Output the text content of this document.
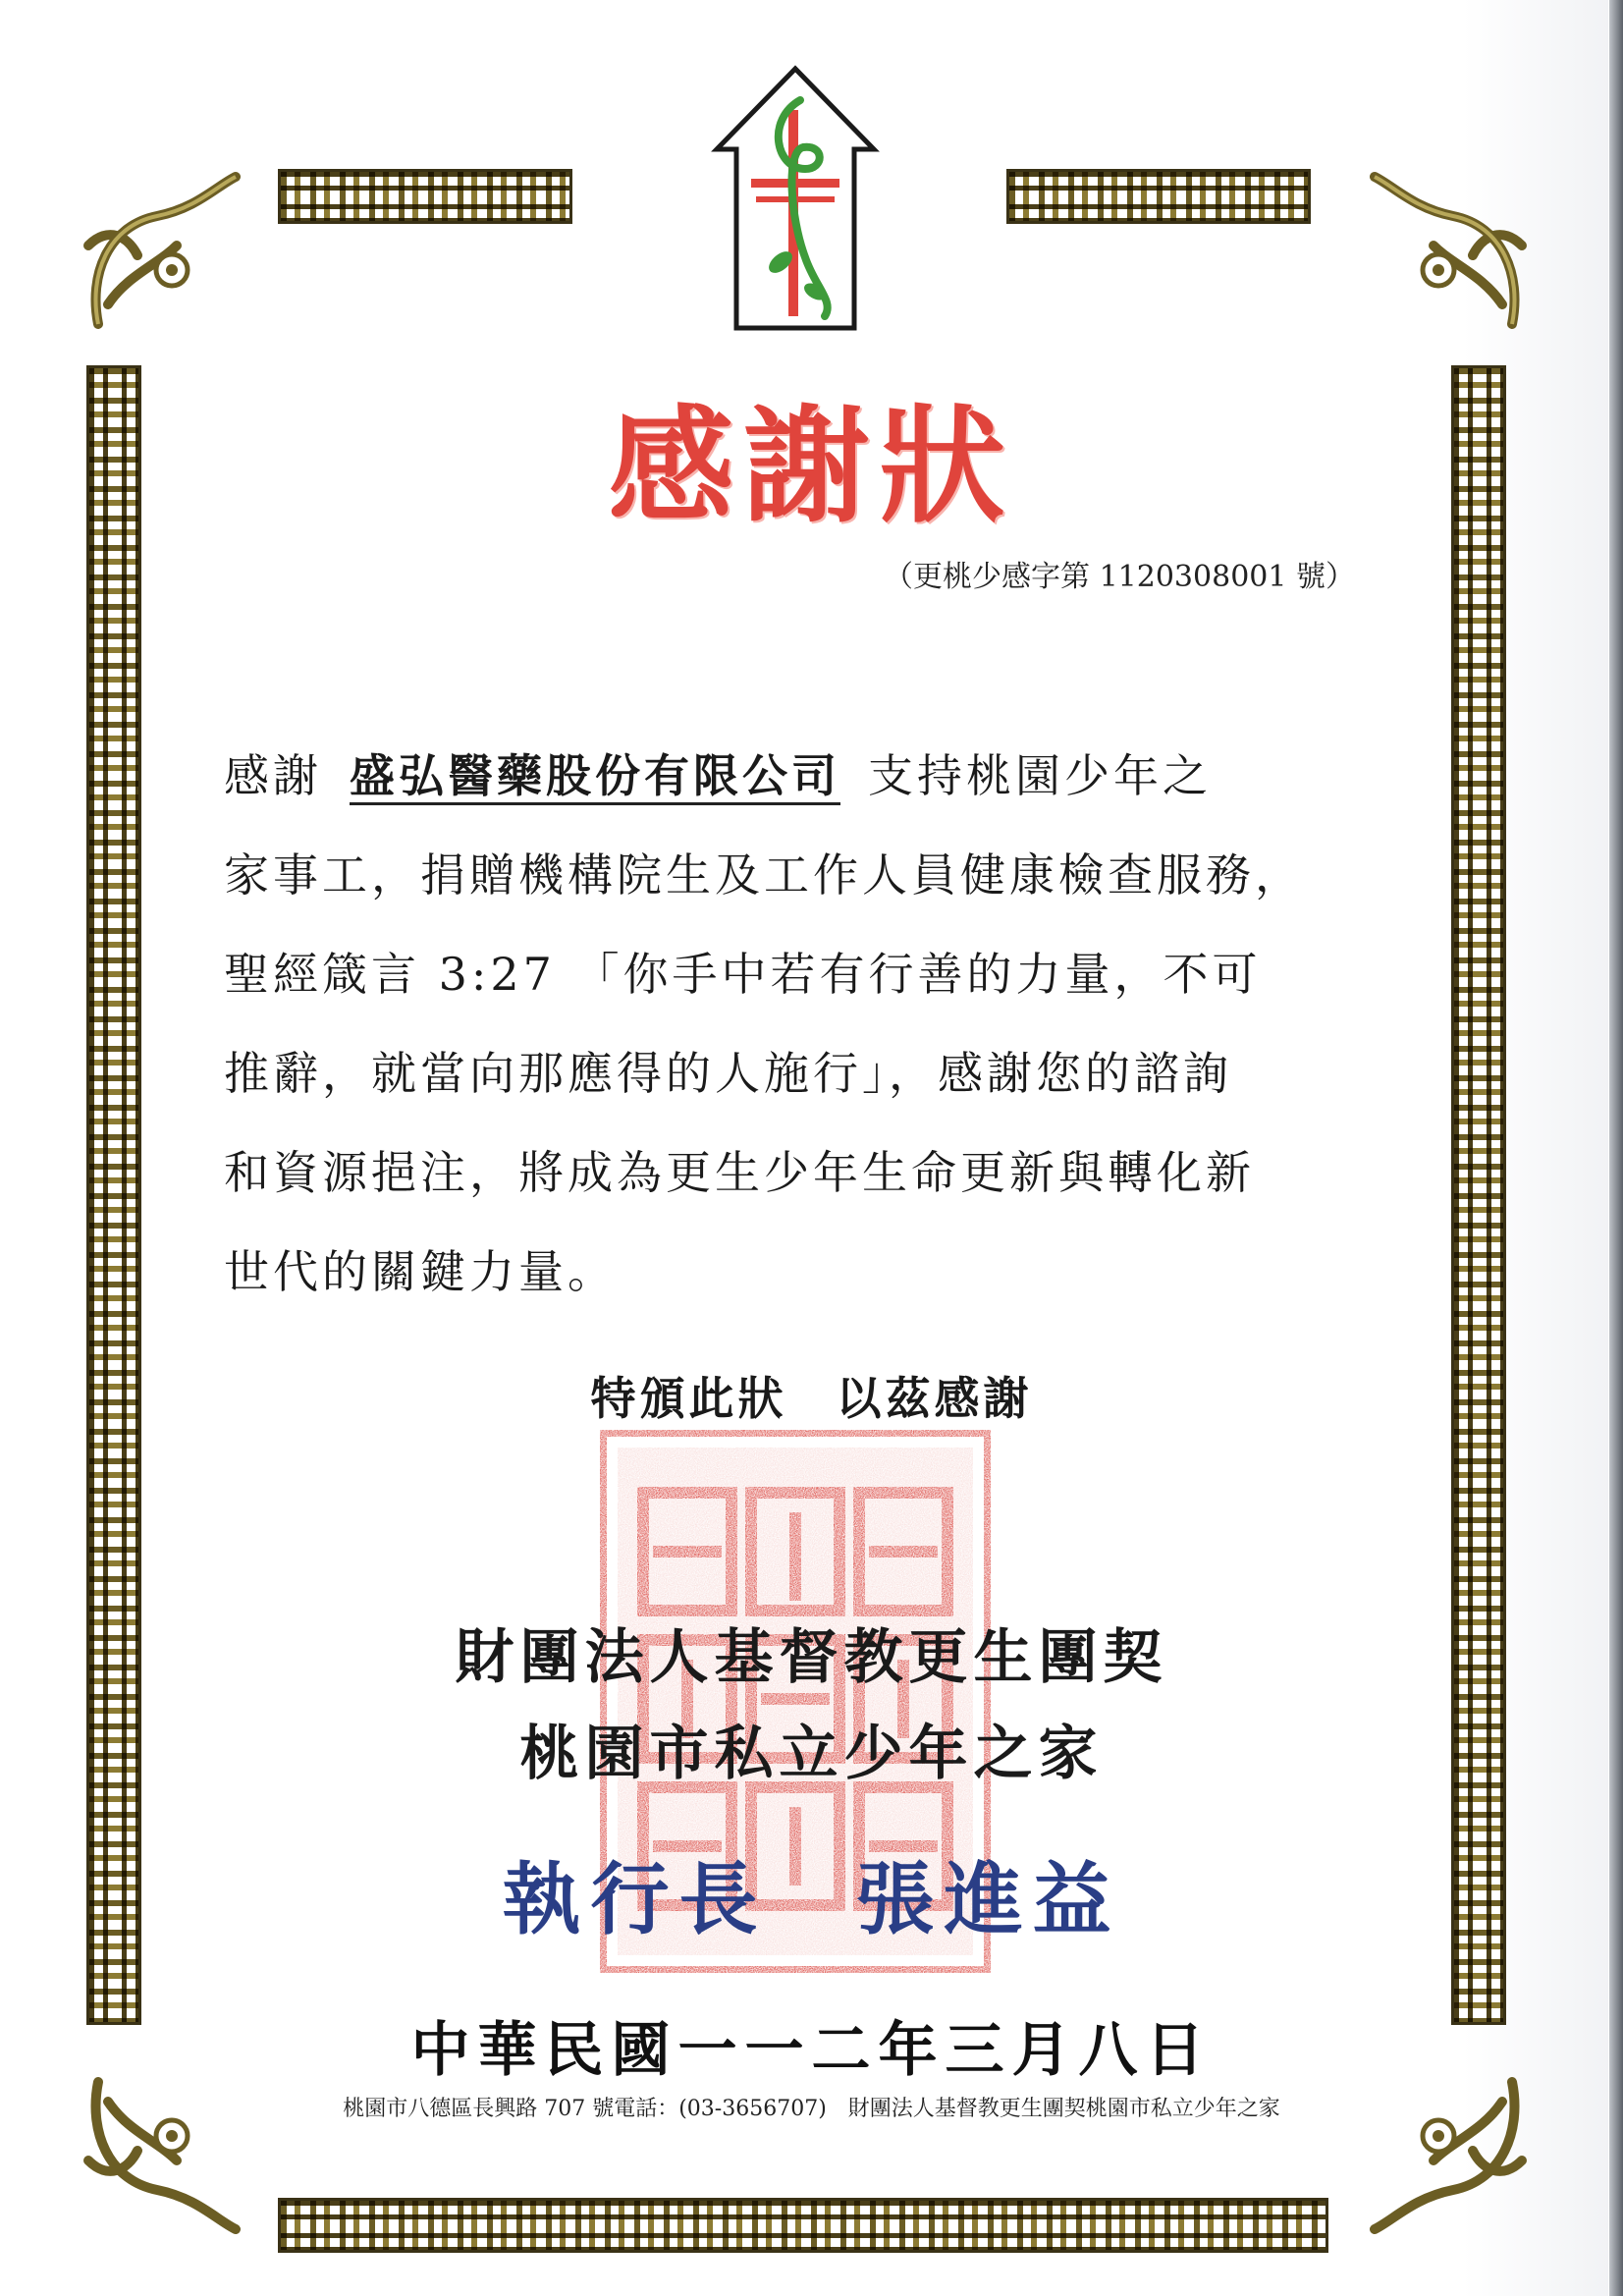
感謝狀
（更桃少感字第 1120308001 號）
感謝 盛弘醫藥股份有限公司 支持桃園少年之
家事工，捐贈機構院生及工作人員健康檢查服務，
聖經箴言 3:27 「你手中若有行善的力量，不可
推辭，就當向那應得的人施行」，感謝您的諮詢
和資源挹注，將成為更生少年生命更新與轉化新
世代的關鍵力量。
特頒此狀　以茲感謝
財團法人基督教更生團契
桃園市私立少年之家
執行長　張進益
中華民國一一二年三月八日
桃園市八德區長興路 707 號電話：(03-3656707)　財團法人基督教更生團契桃園市私立少年之家
